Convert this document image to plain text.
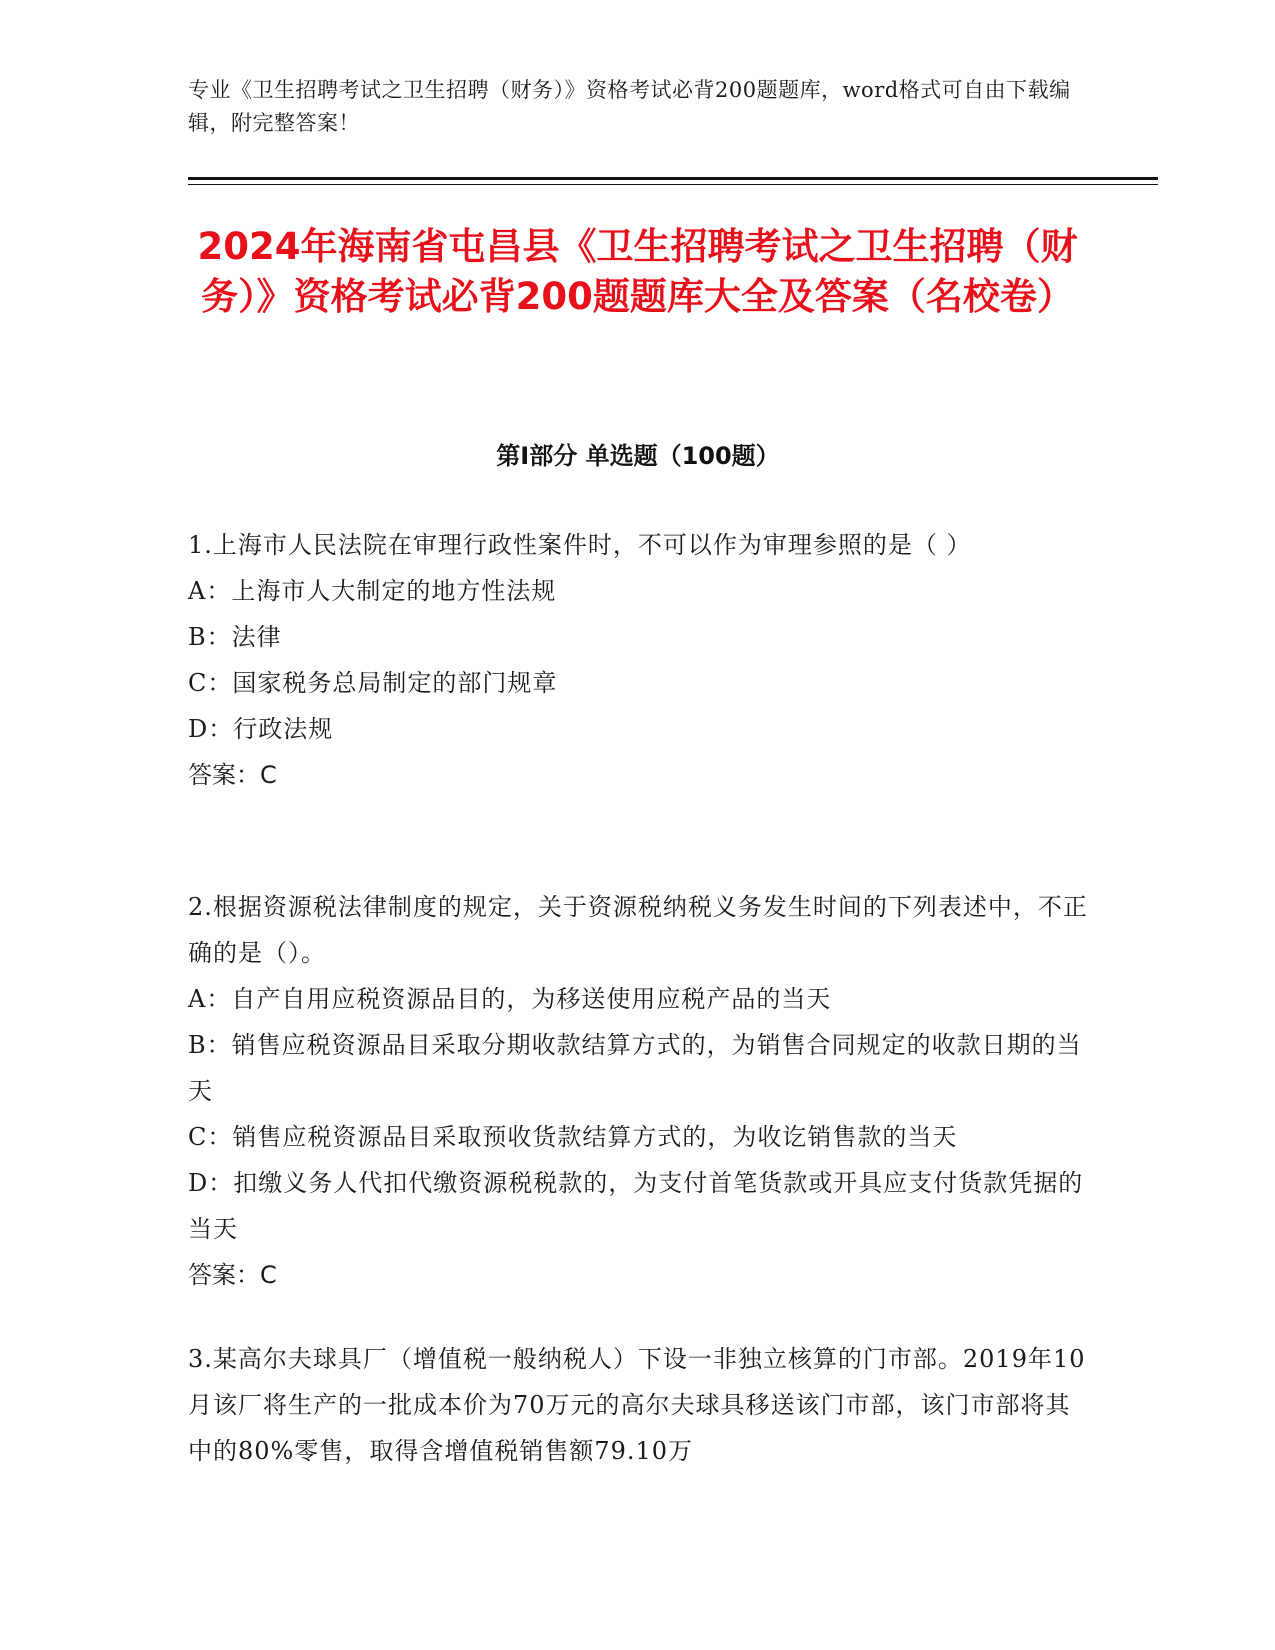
专业《卫生招聘考试之卫生招聘（财务）》资格考试必背200题题库，word格式可自由下载编辑，附完整答案！
2024年海南省屯昌县《卫生招聘考试之卫生招聘（财务）》资格考试必背200题题库大全及答案（名校卷）
第Ⅰ部分 单选题（100题）

1.上海市人民法院在审理行政性案件时，不可以作为审理参照的是（ ）

A：上海市人大制定的地方性法规

B：法律

C：国家税务总局制定的部门规章

D：行政法规

答案：C

2.根据资源税法律制度的规定，关于资源税纳税义务发生时间的下列表述中，不正确的是（）。

A：自产自用应税资源品目的，为移送使用应税产品的当天

B：销售应税资源品目采取分期收款结算方式的，为销售合同规定的收款日期的当天

C：销售应税资源品目采取预收货款结算方式的，为收讫销售款的当天

D：扣缴义务人代扣代缴资源税税款的，为支付首笔货款或开具应支付货款凭据的当天

答案：C

3.某高尔夫球具厂（增值税一般纳税人）下设一非独立核算的门市部。2019年10月该厂将生产的一批成本价为70万元的高尔夫球具移送该门市部，该门市部将其中的80%零售，取得含增值税销售额79.10万
